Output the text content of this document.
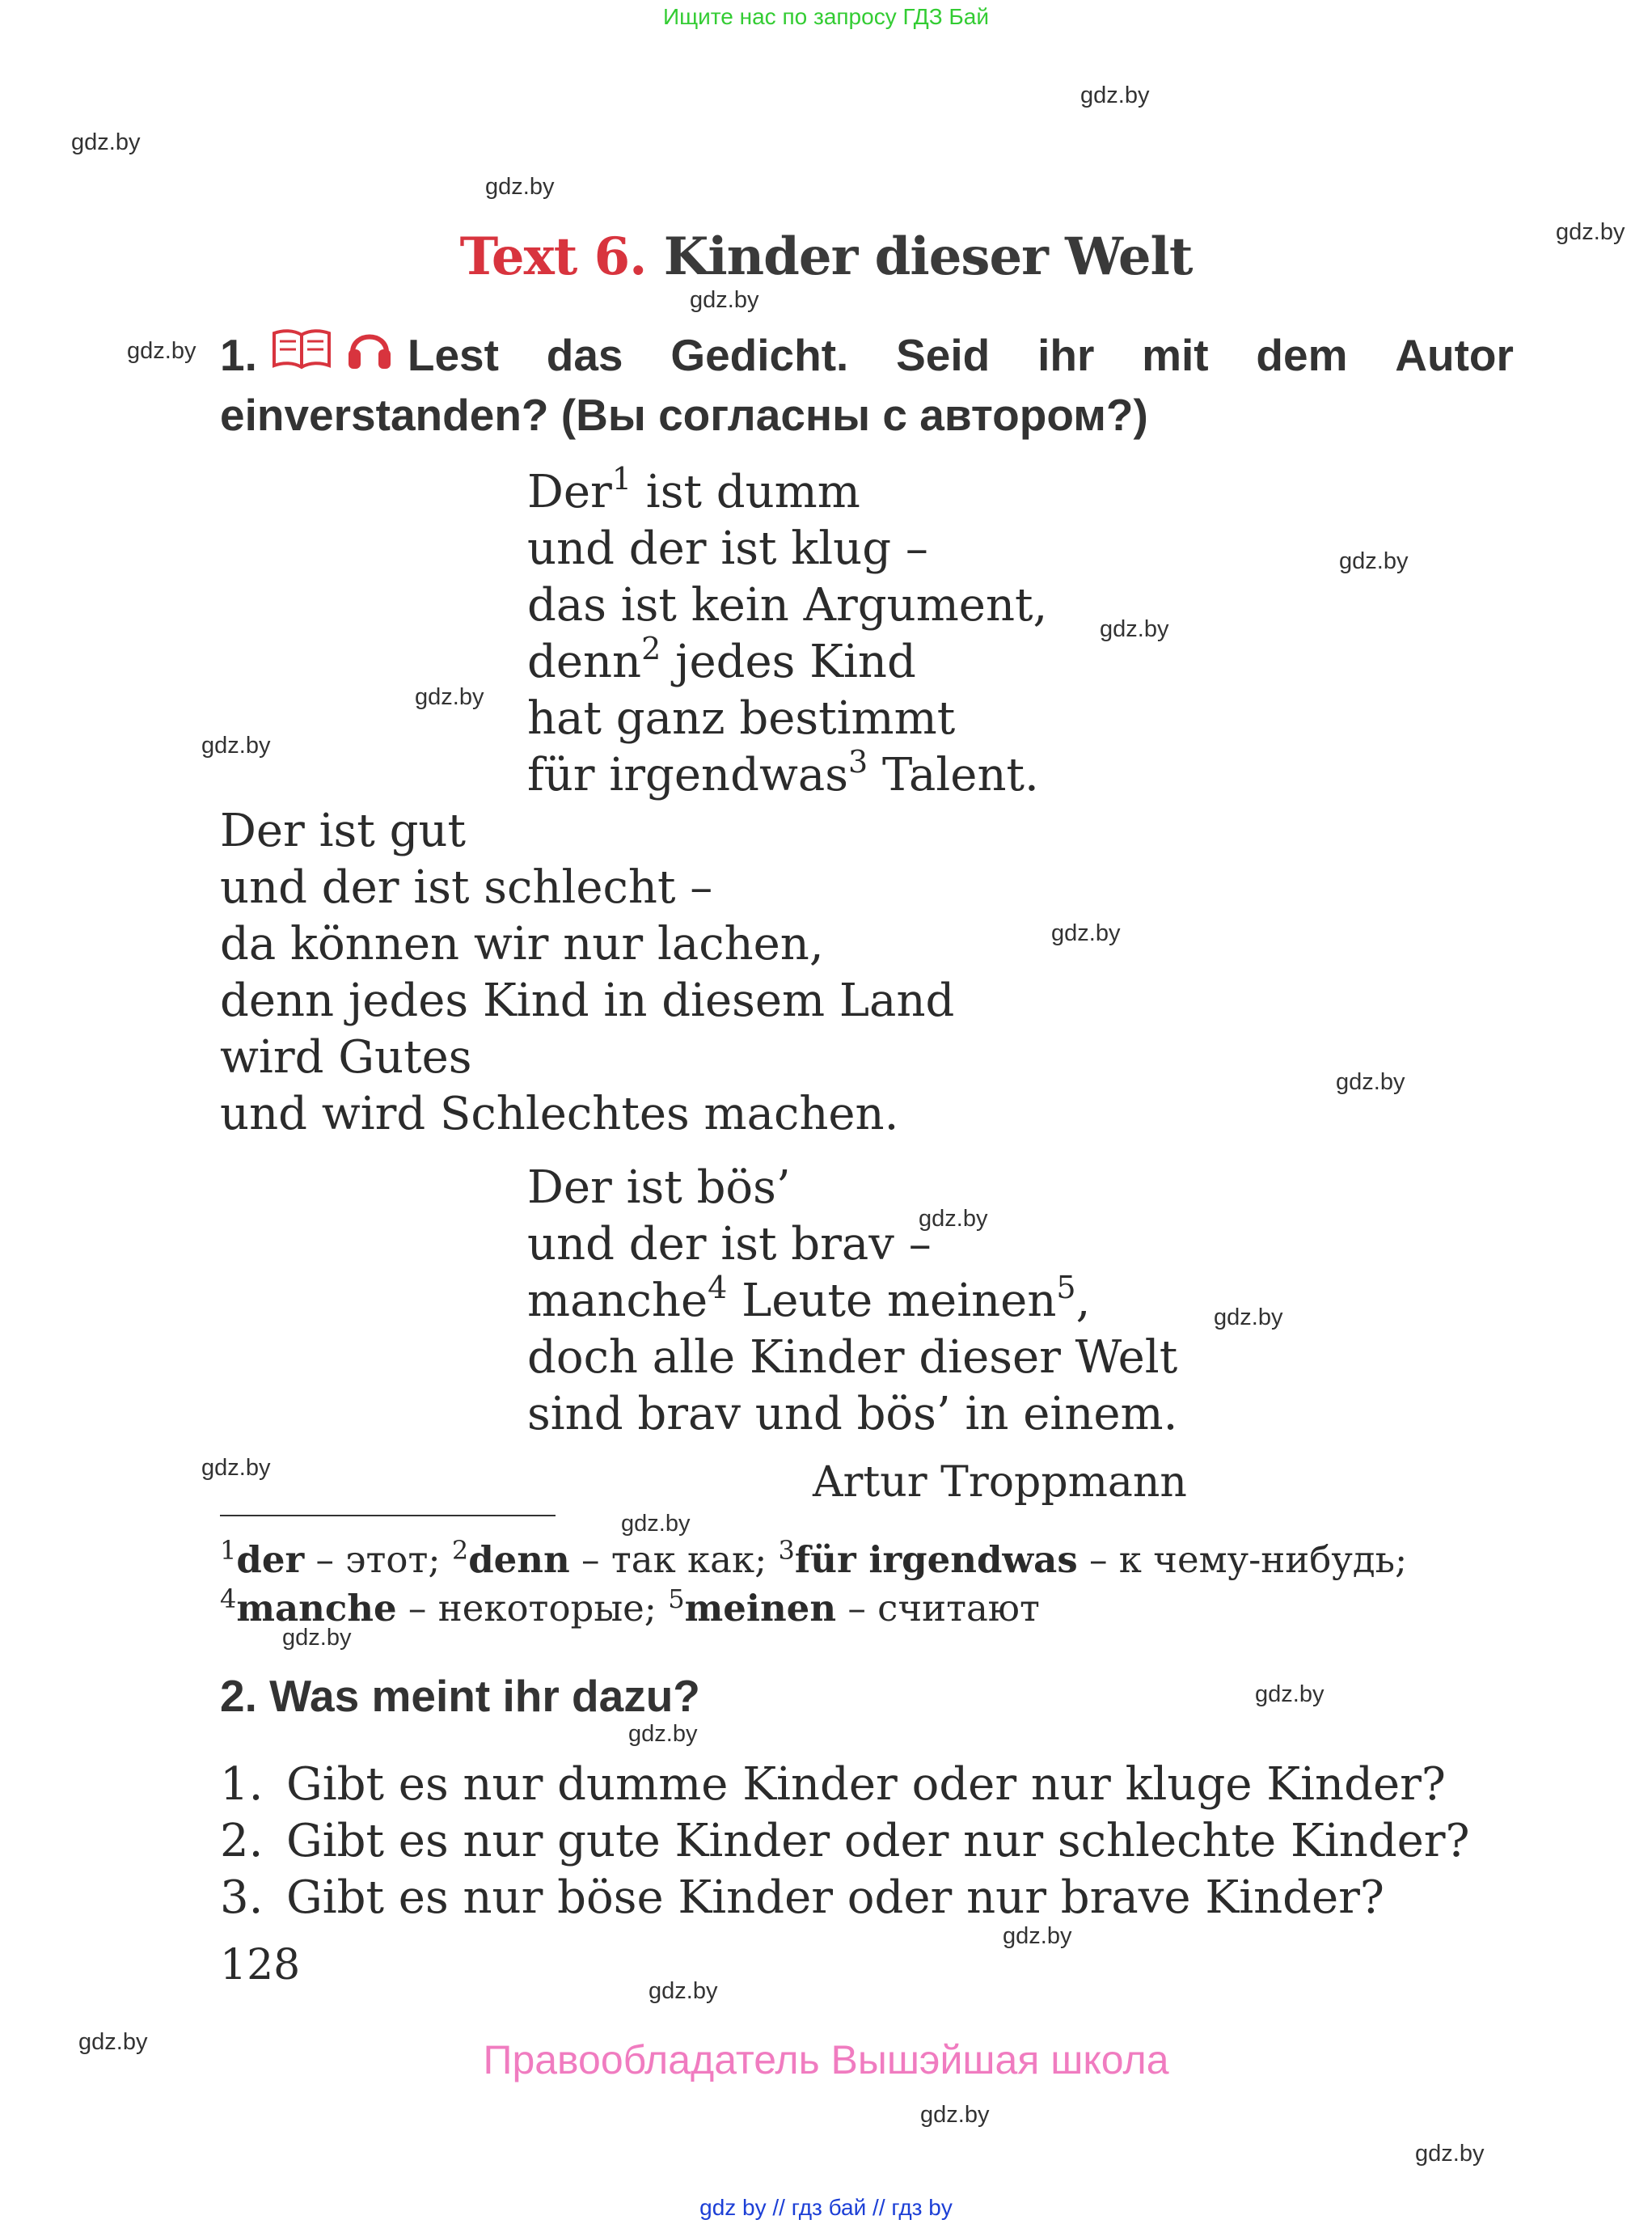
Ищите нас по запросу ГДЗ Бай
gdz.by
gdz.by
gdz.by
gdz.by
gdz.by
gdz.by
gdz.by
gdz.by
gdz.by
gdz.by
gdz.by
gdz.by
gdz.by
gdz.by
gdz.by
gdz.by
gdz.by
gdz.by
gdz.by
gdz.by
gdz.by
gdz.by
gdz.by
gdz.by
Text 6. Kinder dieser Welt
1.	Lest das Gedicht. Seid ihr mit dem Autor
einverstanden? (Вы согласны с автором?)
Der$^1$ ist dumm
und der ist klug –
das ist kein Argument,
denn$^2$ jedes Kind
hat ganz bestimmt
für irgendwas$^3$ Talent.
Der ist gut
und der ist schlecht –
da können wir nur lachen,
denn jedes Kind in diesem Land
wird Gutes
und wird Schlechtes machen.
Der ist bös’
und der ist brav –
manche$^4$ Leute meinen$^5$,
doch alle Kinder dieser Welt
sind brav und bös’ in einem.
Artur Troppmann
$^1$der – этот; $^2$denn – так как; $^3$für irgendwas – к чему-нибудь;
$^4$manche – некоторые; $^5$meinen – считают
2. Was meint ihr dazu?
1. Gibt es nur dumme Kinder oder nur kluge Kinder?
2. Gibt es nur gute Kinder oder nur schlechte Kinder?
3. Gibt es nur böse Kinder oder nur brave Kinder?
128
Правообладатель Вышэйшая школа
gdz by // гдз бай // гдз by
